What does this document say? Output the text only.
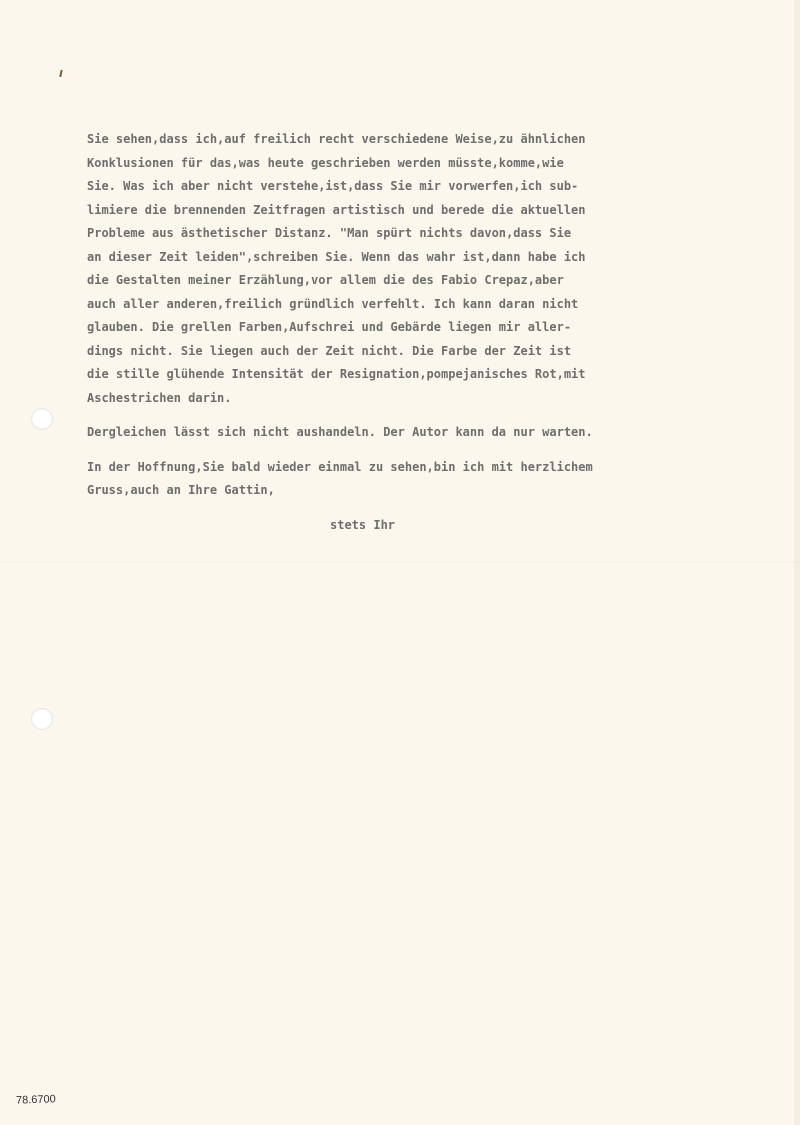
Sie sehen,dass ich,auf freilich recht verschiedene Weise,zu ähnlichen
Konklusionen für das,was heute geschrieben werden müsste,komme,wie
Sie. Was ich aber nicht verstehe,ist,dass Sie mir vorwerfen,ich sub-
limiere die brennenden Zeitfragen artistisch und berede die aktuellen
Probleme aus ästhetischer Distanz. "Man spürt nichts davon,dass Sie
an dieser Zeit leiden",schreiben Sie. Wenn das wahr ist,dann habe ich
die Gestalten meiner Erzählung,vor allem die des Fabio Crepaz,aber
auch aller anderen,freilich gründlich verfehlt. Ich kann daran nicht
glauben. Die grellen Farben,Aufschrei und Gebärde liegen mir aller-
dings nicht. Sie liegen auch der Zeit nicht. Die Farbe der Zeit ist
die stille glühende Intensität der Resignation,pompejanisches Rot,mit
Aschestrichen darin.
Dergleichen lässt sich nicht aushandeln. Der Autor kann da nur warten.
In der Hoffnung,Sie bald wieder einmal zu sehen,bin ich mit herzlichem
Gruss,auch an Ihre Gattin,
stets Ihr
78.6700
